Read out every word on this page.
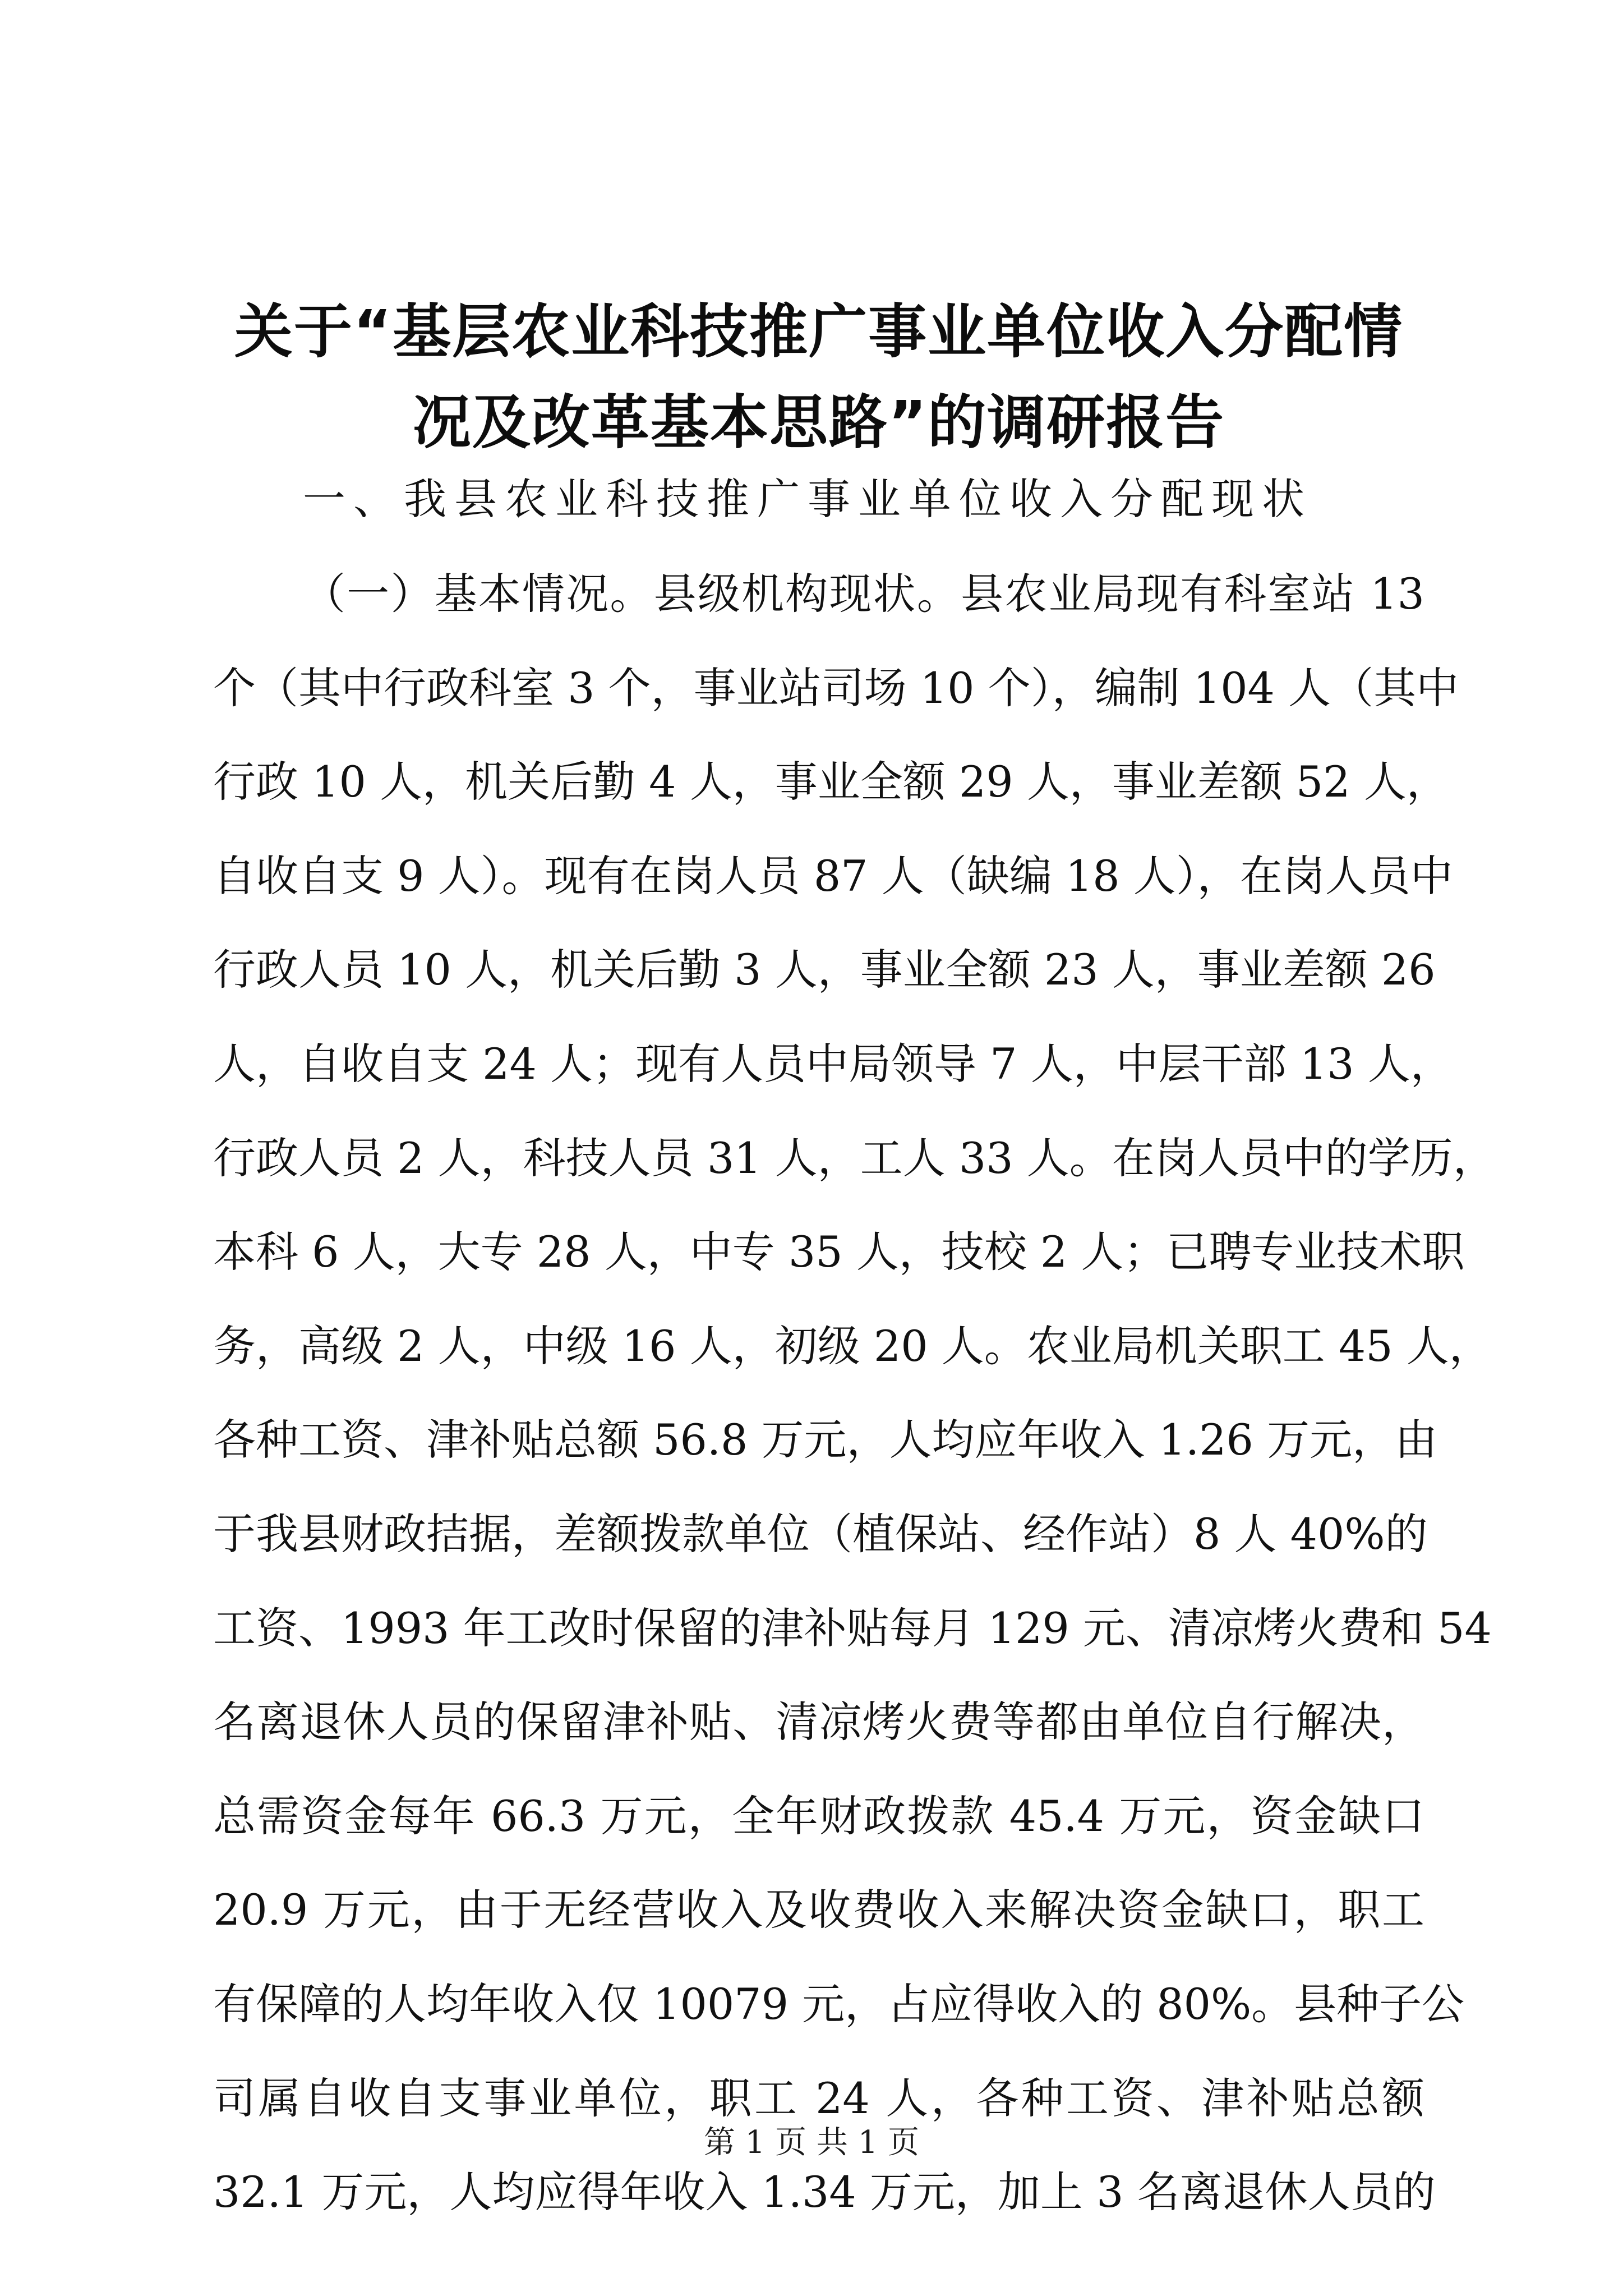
关于“基层农业科技推广事业单位收入分配情
况及改革基本思路”的调研报告
一、我县农业科技推广事业单位收入分配现状
（一）基本情况。县级机构现状。县农业局现有科室站 13
个（其中行政科室 3 个，事业站司场 10 个），编制 104 人（其中
行政 10 人，机关后勤 4 人，事业全额 29 人，事业差额 52 人，
自收自支 9 人）。现有在岗人员 87 人（缺编 18 人），在岗人员中
行政人员 10 人，机关后勤 3 人，事业全额 23 人，事业差额 26
人，自收自支 24 人；现有人员中局领导 7 人，中层干部 13 人，
行政人员 2 人，科技人员 31 人，工人 33 人。在岗人员中的学历，
本科 6 人，大专 28 人，中专 35 人，技校 2 人；已聘专业技术职
务，高级 2 人，中级 16 人，初级 20 人。农业局机关职工 45 人，
各种工资、津补贴总额 56.8 万元，人均应年收入 1.26 万元，由
于我县财政拮据，差额拨款单位（植保站、经作站）8 人 40%的
工资、1993 年工改时保留的津补贴每月 129 元、清凉烤火费和 54
名离退休人员的保留津补贴、清凉烤火费等都由单位自行解决，
总需资金每年 66.3 万元，全年财政拨款 45.4 万元，资金缺口
20.9 万元，由于无经营收入及收费收入来解决资金缺口，职工
有保障的人均年收入仅 10079 元，占应得收入的 80%。县种子公
司属自收自支事业单位，职工 24 人，各种工资、津补贴总额
32.1 万元，人均应得年收入 1.34 万元，加上 3 名离退休人员的
第 1 页 共 1 页
